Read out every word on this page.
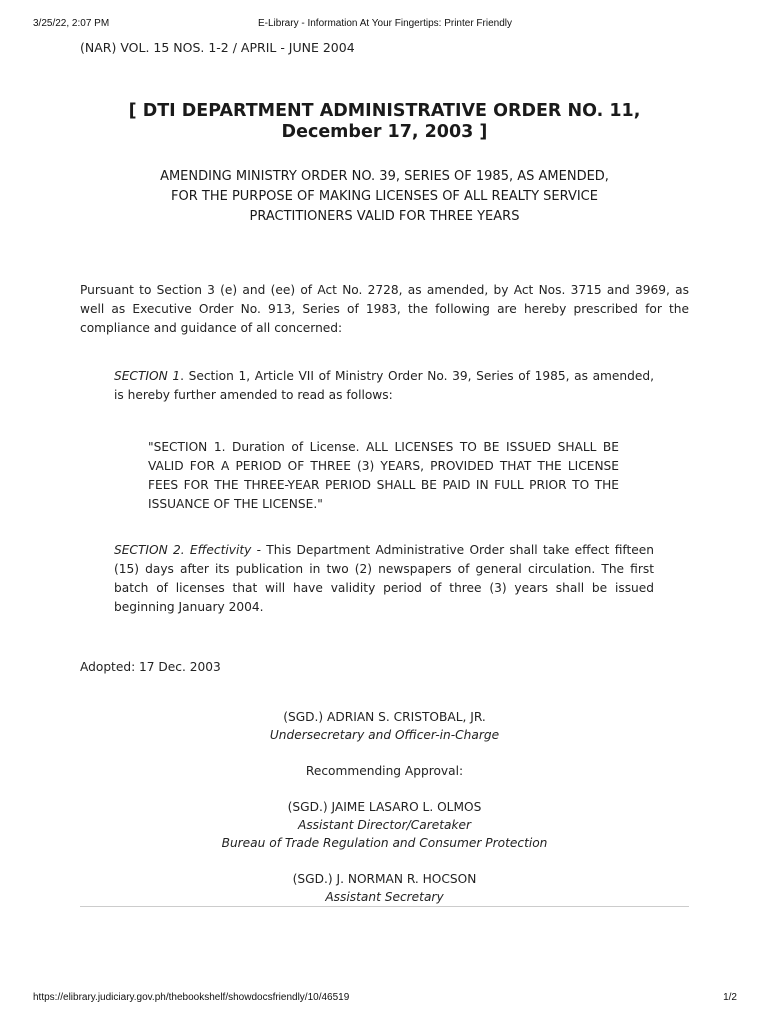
3/25/22, 2:07 PM	E-Library - Information At Your Fingertips: Printer Friendly
(NAR) VOL. 15 NOS. 1-2 / APRIL - JUNE 2004
[ DTI DEPARTMENT ADMINISTRATIVE ORDER NO. 11,
December 17, 2003 ]
AMENDING MINISTRY ORDER NO. 39, SERIES OF 1985, AS AMENDED,
FOR THE PURPOSE OF MAKING LICENSES OF ALL REALTY SERVICE
PRACTITIONERS VALID FOR THREE YEARS

Pursuant to Section 3 (e) and (ee) of Act No. 2728, as amended, by Act Nos. 3715 and 3969, as well as Executive Order No. 913, Series of 1983, the following are hereby prescribed for the compliance and guidance of all concerned:

SECTION 1. Section 1, Article VII of Ministry Order No. 39, Series of 1985, as amended, is hereby further amended to read as follows:

"SECTION 1. Duration of License. ALL LICENSES TO BE ISSUED SHALL BE VALID FOR A PERIOD OF THREE (3) YEARS, PROVIDED THAT THE LICENSE FEES FOR THE THREE-YEAR PERIOD SHALL BE PAID IN FULL PRIOR TO THE ISSUANCE OF THE LICENSE."

SECTION 2. Effectivity - This Department Administrative Order shall take effect fifteen (15) days after its publication in two (2) newspapers of general circulation. The first batch of licenses that will have validity period of three (3) years shall be issued beginning January 2004.

Adopted: 17 Dec. 2003
(SGD.) ADRIAN S. CRISTOBAL, JR.
Undersecretary and Officer-in-Charge
Recommending Approval:
(SGD.) JAIME LASARO L. OLMOS
Assistant Director/Caretaker
Bureau of Trade Regulation and Consumer Protection
(SGD.) J. NORMAN R. HOCSON
Assistant Secretary
https://elibrary.judiciary.gov.ph/thebookshelf/showdocsfriendly/10/46519	1/2
